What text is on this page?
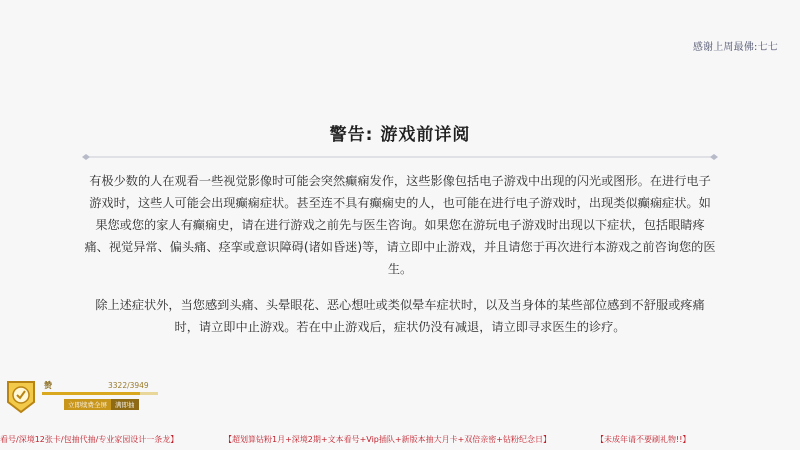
感谢上周最佛:七七
警告: 游戏前详阅

有极少数的人在观看一些视觉影像时可能会突然癫痫发作，这些影像包括电子游戏中出现的闪光或图形。在进行电子游戏时，这些人可能会出现癫痫症状。甚至连不具有癫痫史的人，也可能在进行电子游戏时，出现类似癫痫症状。如果您或您的家人有癫痫史，请在进行游戏之前先与医生咨询。如果您在游玩电子游戏时出现以下症状，包括眼睛疼痛、视觉异常、偏头痛、痉挛或意识障碍(诸如昏迷)等，请立即中止游戏，并且请您于再次进行本游戏之前咨询您的医生。

除上述症状外，当您感到头痛、头晕眼花、恶心想吐或类似晕车症状时，以及当身体的某些部位感到不舒服或疼痛时，请立即中止游戏。若在中止游戏后，症状仍没有减退，请立即寻求医生的诊疗。

赞	3322/3949
立即续费全屏	满即抽
看号/深境12张卡/包抽代抽/专业家园设计一条龙】	【超划算钻粉1月+深境2期+文本看号+Vip插队+新版本抽大月卡+双倍亲密+钻粉纪念日】	【未成年请不要刷礼物!!】
